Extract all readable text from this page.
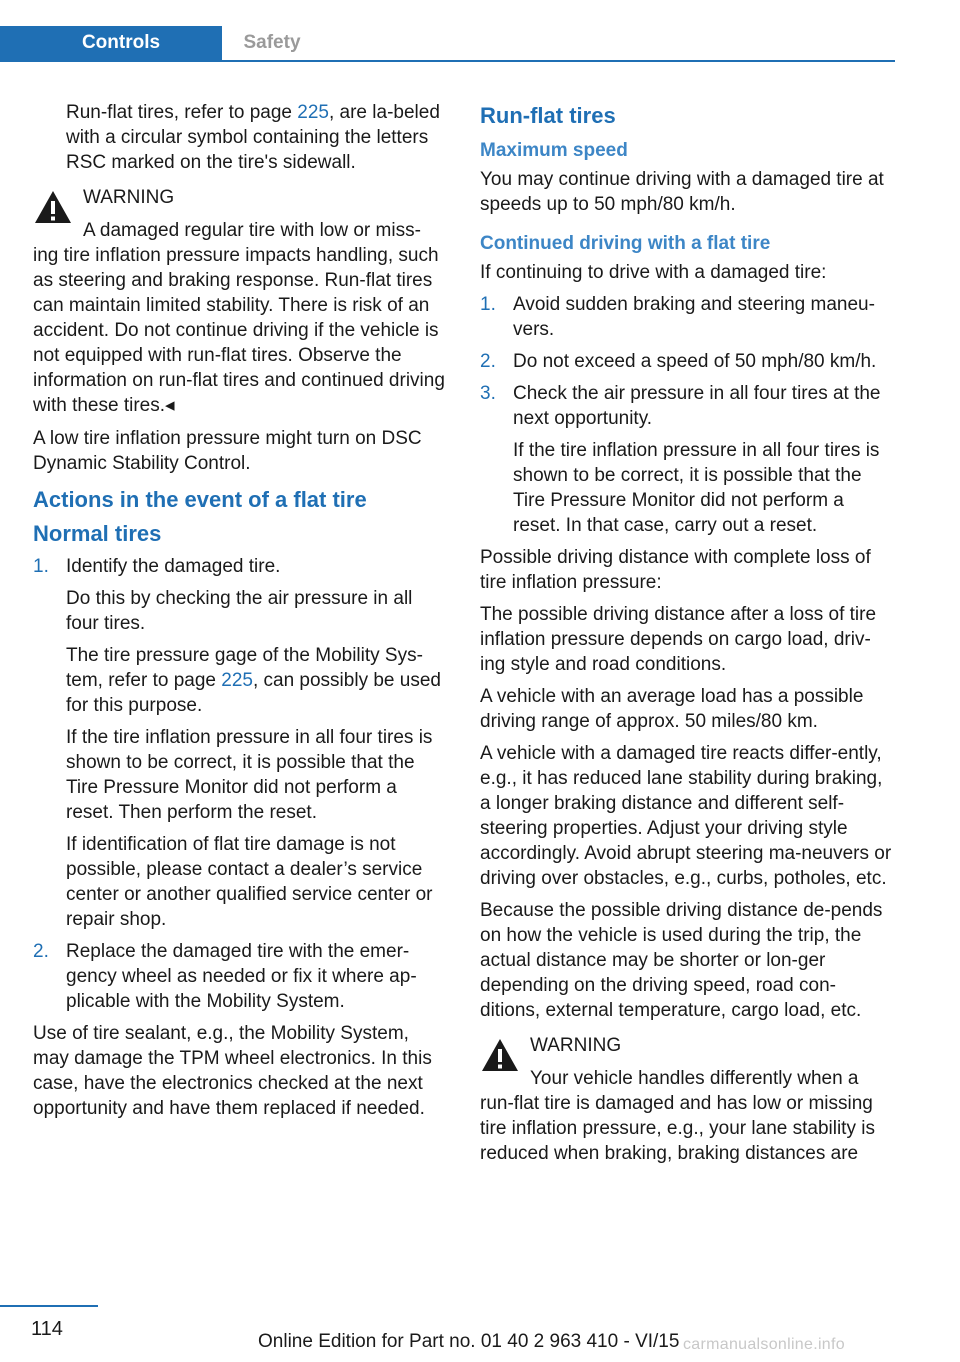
Controls	Safety

Run-flat tires, refer to page 225, are la‐beled with a circular symbol containing the letters RSC marked on the tire's sidewall.

WARNING

A damaged regular tire with low or miss‐
ing tire inflation pressure impacts handling, such as steering and braking response. Run-flat tires can maintain limited stability. There is risk of an accident. Do not continue driving if the vehicle is not equipped with run-flat tires. Observe the information on run-flat tires and continued driving with these tires.◂

A low tire inflation pressure might turn on DSC Dynamic Stability Control.

Actions in the event of a flat tire
Normal tires
1. Identify the damaged tire.

Do this by checking the air pressure in all four tires.

The tire pressure gage of the Mobility Sys‐tem, refer to page 225, can possibly be used for this purpose.

If the tire inflation pressure in all four tires is shown to be correct, it is possible that the Tire Pressure Monitor did not perform a reset. Then perform the reset.

If identification of flat tire damage is not possible, please contact a dealer’s service center or another qualified service center or repair shop.

2. Replace the damaged tire with the emer‐gency wheel as needed or fix it where ap‐plicable with the Mobility System.

Use of tire sealant, e.g., the Mobility System, may damage the TPM wheel electronics. In this case, have the electronics checked at the next opportunity and have them replaced if needed.

Run-flat tires
Maximum speed

You may continue driving with a damaged tire at speeds up to 50 mph/80 km/h.

Continued driving with a flat tire

If continuing to drive with a damaged tire:

1. Avoid sudden braking and steering maneu‐vers.

2. Do not exceed a speed of 50 mph/80 km/h.

3. Check the air pressure in all four tires at the next opportunity.

If the tire inflation pressure in all four tires is shown to be correct, it is possible that the Tire Pressure Monitor did not perform a reset. In that case, carry out a reset.

Possible driving distance with complete loss of tire inflation pressure:

The possible driving distance after a loss of tire inflation pressure depends on cargo load, driv‐ing style and road conditions.

A vehicle with an average load has a possible driving range of approx. 50 miles/80 km.

A vehicle with a damaged tire reacts differ‐ently, e.g., it has reduced lane stability during braking, a longer braking distance and different self-steering properties. Adjust your driving style accordingly. Avoid abrupt steering ma‐neuvers or driving over obstacles, e.g., curbs, potholes, etc.

Because the possible driving distance de‐pends on how the vehicle is used during the trip, the actual distance may be shorter or lon‐ger depending on the driving speed, road con‐ditions, external temperature, cargo load, etc.

WARNING

Your vehicle handles differently when a
run-flat tire is damaged and has low or missing tire inflation pressure, e.g., your lane stability is reduced when braking, braking distances are

114
Online Edition for Part no. 01 40 2 963 410 - VI/15 carmanualsonline.info
